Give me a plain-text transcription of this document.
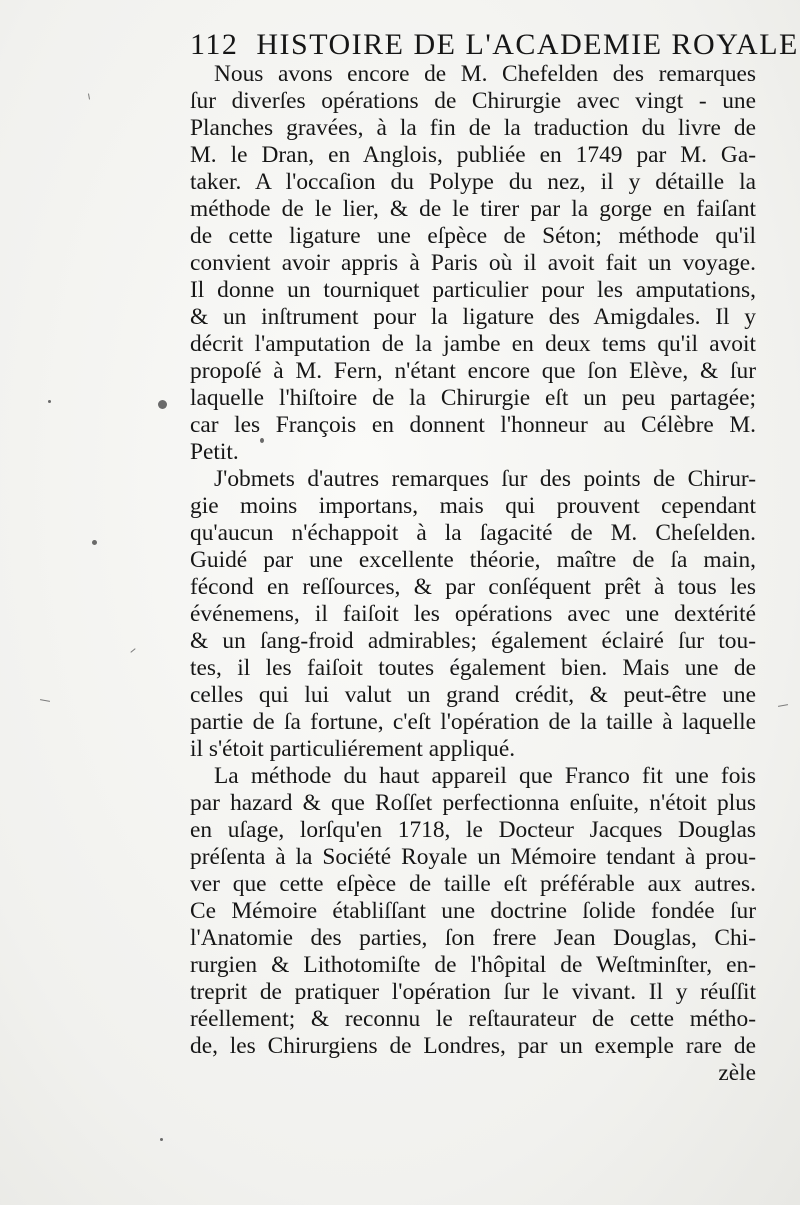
112 HISTOIRE DE L'ACADEMIE ROYALE
Nous avons encore de M. Chefelden des remarques
ſur diverſes opérations de Chirurgie avec vingt - une
Planches gravées, à la fin de la traduction du livre de
M. le Dran, en Anglois, publiée en 1749 par M. Ga-
taker. A l'occaſion du Polype du nez, il y détaille la
méthode de le lier, & de le tirer par la gorge en faiſant
de cette ligature une eſpèce de Séton; méthode qu'il
convient avoir appris à Paris où il avoit fait un voyage.
Il donne un tourniquet particulier pour les amputations,
& un inſtrument pour la ligature des Amigdales. Il y
décrit l'amputation de la jambe en deux tems qu'il avoit
propoſé à M. Fern, n'étant encore que ſon Elève, & ſur
laquelle l'hiſtoire de la Chirurgie eſt un peu partagée;
car les François en donnent l'honneur au Célèbre M.
Petit.
J'obmets d'autres remarques ſur des points de Chirur-
gie moins importans, mais qui prouvent cependant
qu'aucun n'échappoit à la ſagacité de M. Cheſelden.
Guidé par une excellente théorie, maître de ſa main,
fécond en reſſources, & par conſéquent prêt à tous les
événemens, il faiſoit les opérations avec une dextérité
& un ſang-froid admirables; également éclairé ſur tou-
tes, il les faiſoit toutes également bien. Mais une de
celles qui lui valut un grand crédit, & peut-être une
partie de ſa fortune, c'eſt l'opération de la taille à laquelle
il s'étoit particuliérement appliqué.
La méthode du haut appareil que Franco fit une fois
par hazard & que Roſſet perfectionna enſuite, n'étoit plus
en uſage, lorſqu'en 1718, le Docteur Jacques Douglas
préſenta à la Société Royale un Mémoire tendant à prou-
ver que cette eſpèce de taille eſt préférable aux autres.
Ce Mémoire établiſſant une doctrine ſolide fondée ſur
l'Anatomie des parties, ſon frere Jean Douglas, Chi-
rurgien & Lithotomiſte de l'hôpital de Weſtminſter, en-
treprit de pratiquer l'opération ſur le vivant. Il y réuſſit
réellement; & reconnu le reſtaurateur de cette métho-
de, les Chirurgiens de Londres, par un exemple rare de
zèle
